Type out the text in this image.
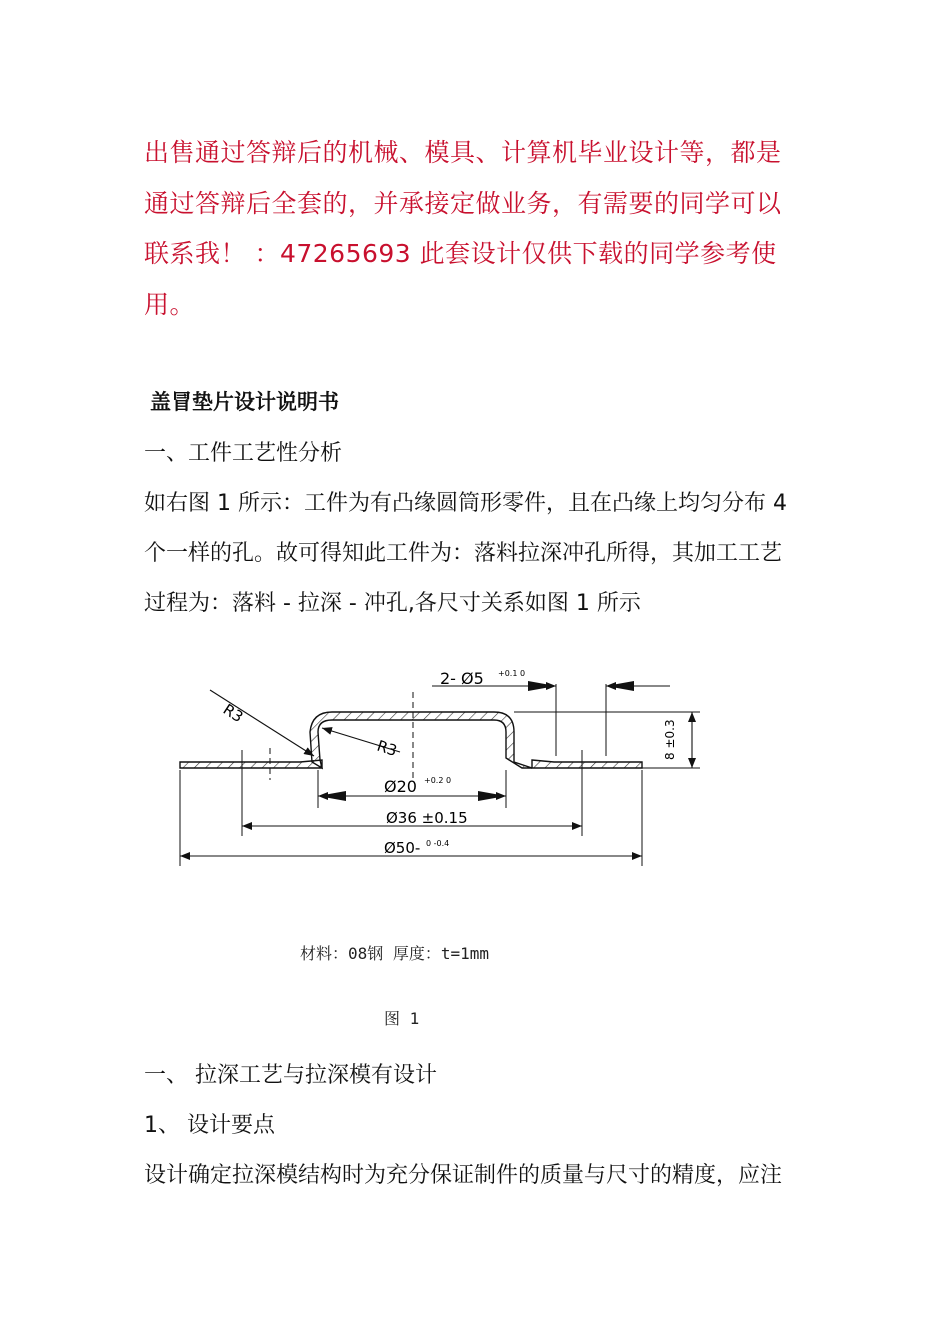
出售通过答辩后的机械、模具、计算机毕业设计等，都是
通过答辩后全套的，并承接定做业务，有需要的同学可以
联系我！ ：47265693 此套设计仅供下载的同学参考使
用。
盖冒垫片设计说明书
一、工件工艺性分析
如右图 1 所示：工件为有凸缘圆筒形零件，且在凸缘上均匀分布 4
个一样的孔。故可得知此工件为：落料拉深冲孔所得，其加工工艺
过程为：落料 - 拉深 - 冲孔,各尺寸关系如图 1 所示
R3
R3
2- Ø5 +0.1 0
Ø20 +0.2 0
Ø36 ±0.15
Ø50- 0 -0.4
8 ±0.3
材料：08钢 厚度：t=1mm
图 1
一、 拉深工艺与拉深模有设计
1、 设计要点
设计确定拉深模结构时为充分保证制件的质量与尺寸的精度，应注
